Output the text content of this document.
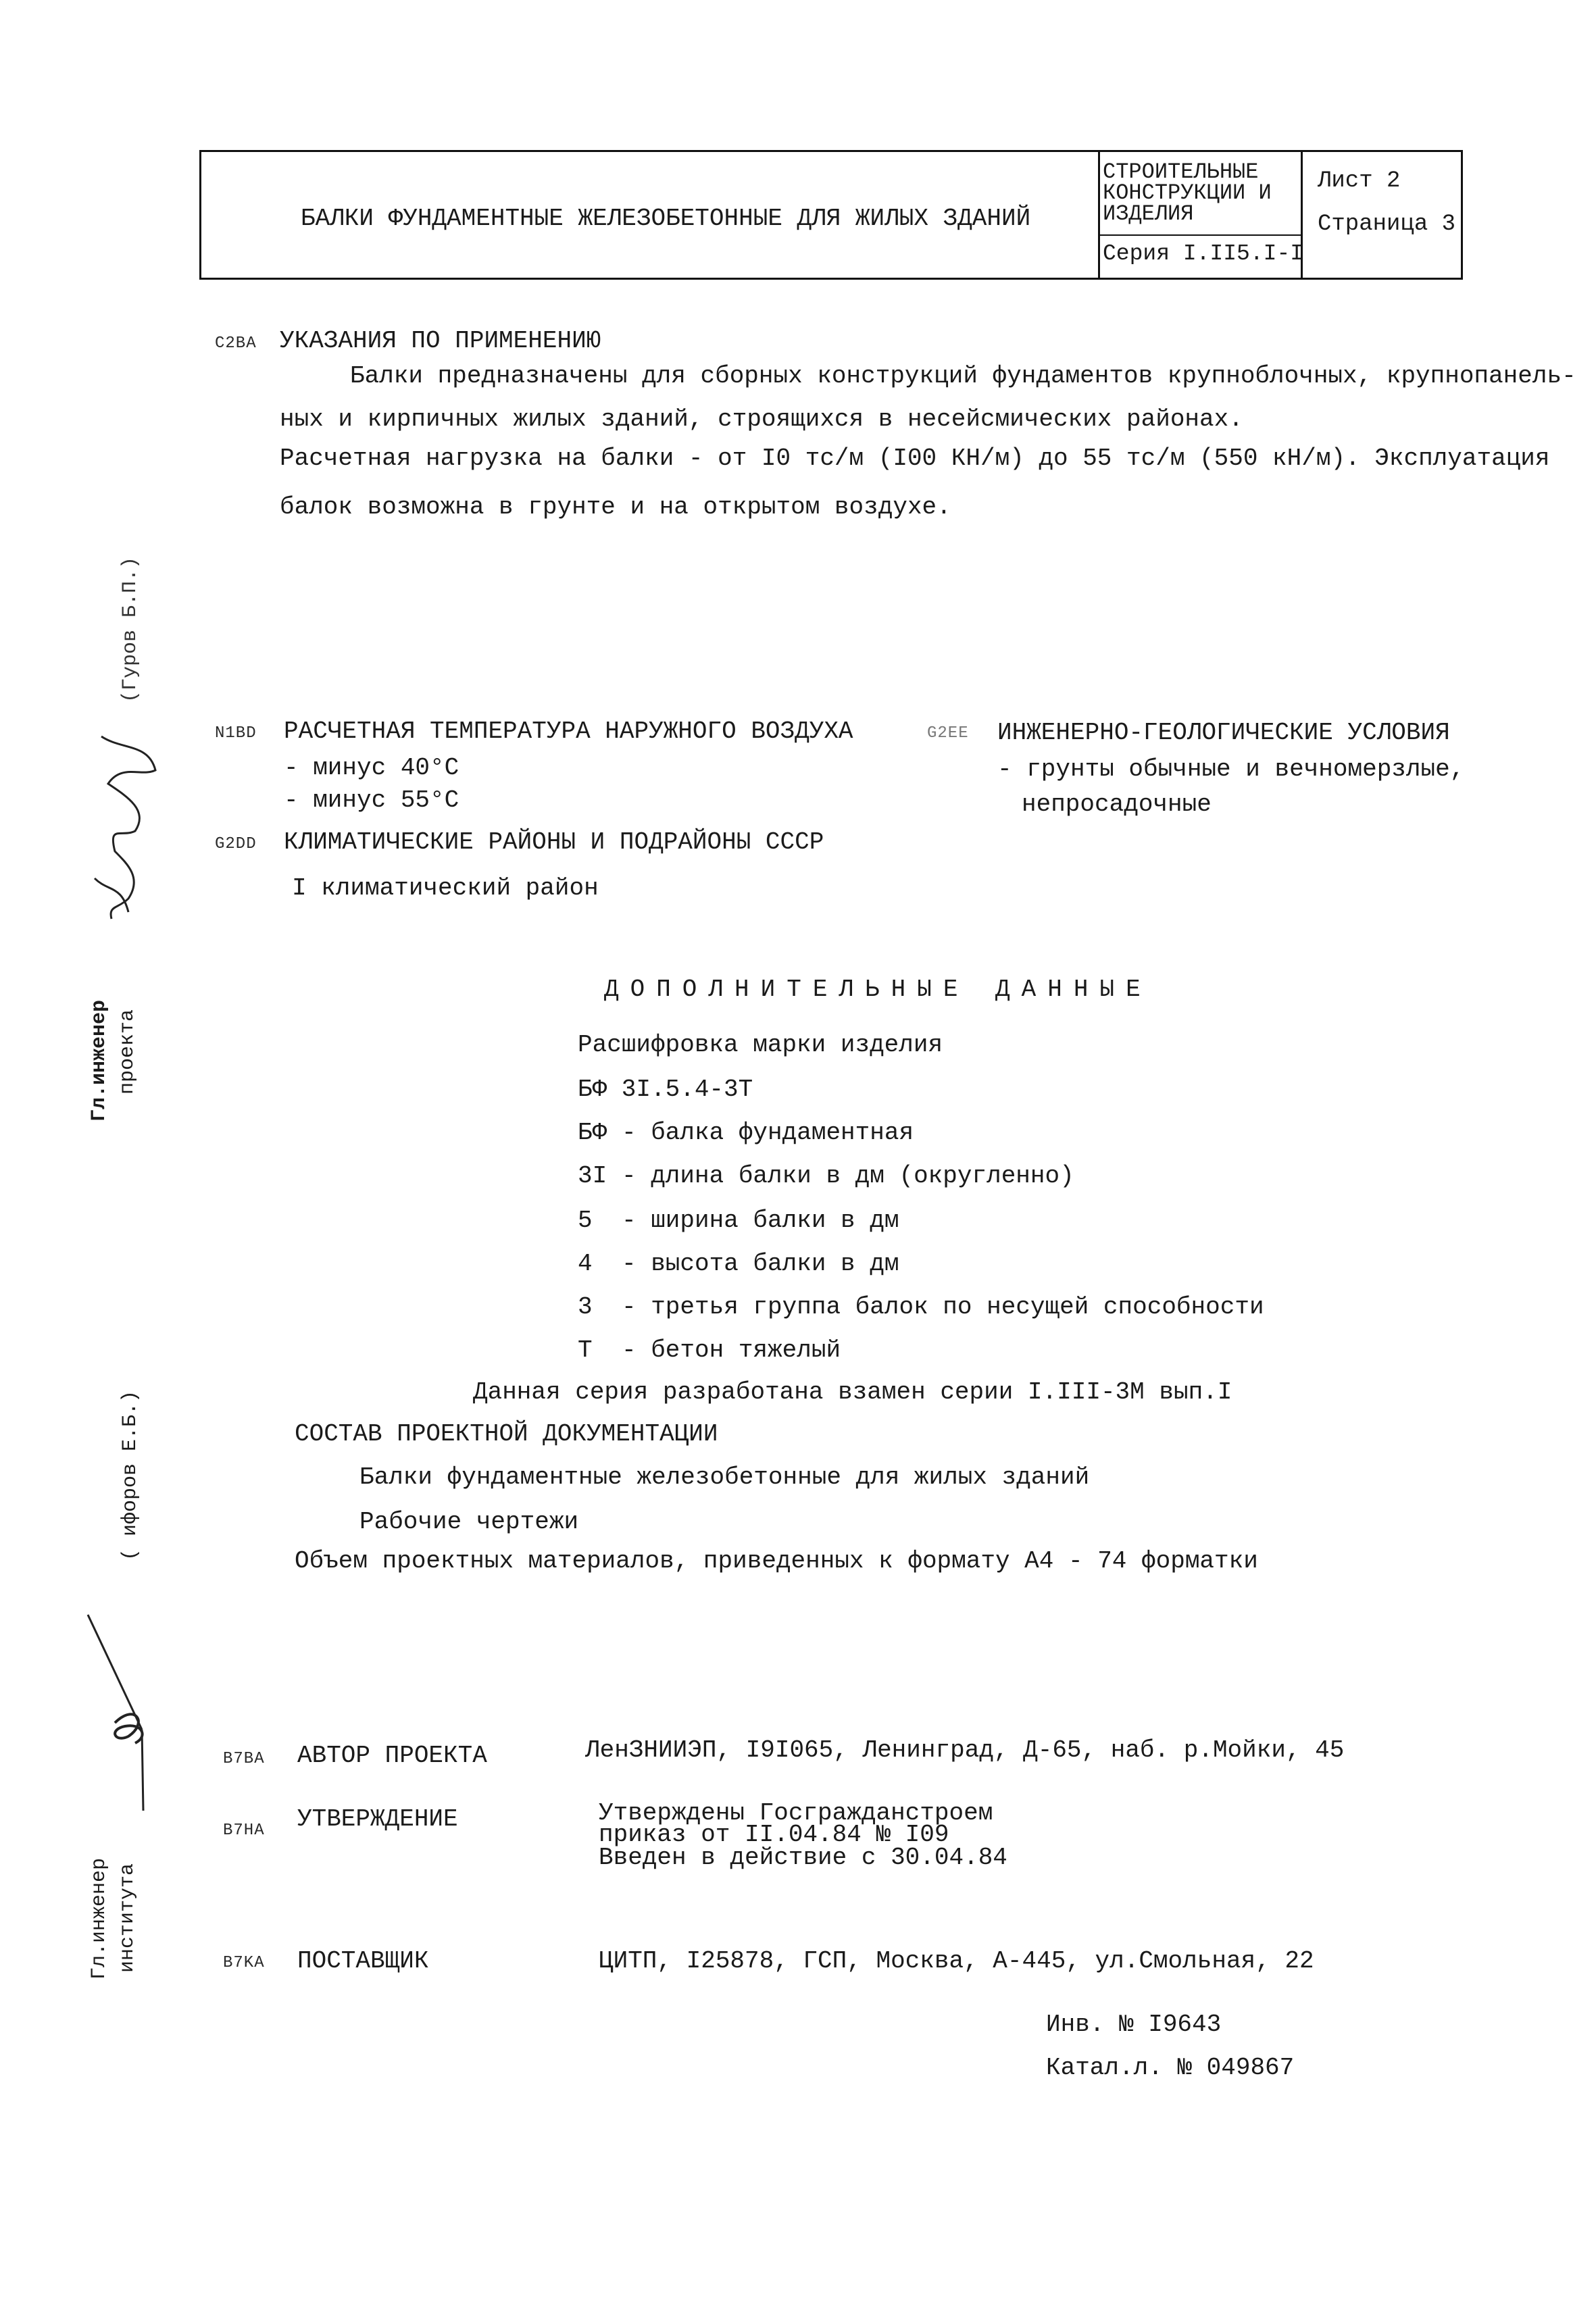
БАЛКИ ФУНДАМЕНТНЫЕ ЖЕЛЕЗОБЕТОННЫЕ ДЛЯ ЖИЛЫХ ЗДАНИЙ
СТРОИТЕЛЬНЫЕ
КОНСТРУКЦИИ И
ИЗДЕЛИЯ
Серия I.II5.I-I
Лист 2
Страница 3
C2BA УКАЗАНИЯ ПО ПРИМЕНЕНИЮ
Балки предназначены для сборных конструкций фундаментов крупноблочных, крупнопанель-
ных и кирпичных жилых зданий, строящихся в несейсмических районах.
Расчетная нагрузка на балки - от I0 тс/м (I00 КН/м) до 55 тс/м (550 кН/м). Эксплуатация
балок возможна в грунте и на открытом воздухе.
N1BD РАСЧЕТНАЯ ТЕМПЕРАТУРА НАРУЖНОГО ВОЗДУХА
- минус 40°С
- минус 55°С
G2EE ИНЖЕНЕРНО-ГЕОЛОГИЧЕСКИЕ УСЛОВИЯ
- грунты обычные и вечномерзлые,
непросадочные
G2DD КЛИМАТИЧЕСКИЕ РАЙОНЫ И ПОДРАЙОНЫ СССР
I климатический район
ДОПОЛНИТЕЛЬНЫЕ ДАННЫЕ
Расшифровка марки изделия
БФ 3I.5.4-3Т
БФ - балка фундаментная
3I - длина балки в дм (округленно)
5 - ширина балки в дм
4 - высота балки в дм
3 - третья группа балок по несущей способности
Т - бетон тяжелый
Данная серия разработана взамен серии I.III-3М вып.I
СОСТАВ ПРОЕКТНОЙ ДОКУМЕНТАЦИИ
Балки фундаментные железобетонные для жилых зданий
Рабочие чертежи
Объем проектных материалов, приведенных к формату А4 - 74 форматки
B7BA АВТОР ПРОЕКТА	ЛенЗНИИЭП, I9I065, Ленинград, Д-65, наб. р.Мойки, 45
B7HA УТВЕРЖДЕНИЕ	Утверждены Госгражданстроем
приказ от II.04.84 № I09
Введен в действие с 30.04.84
B7KA ПОСТАВЩИК	ЦИТП, I25878, ГСП, Москва, А-445, ул.Смольная, 22
Инв. № I9643
Катал.л. № 049867
(Гуров Б.П.)
Гл.инженер проекта
( ифоров Е.Б.)
Гл.инженер института
